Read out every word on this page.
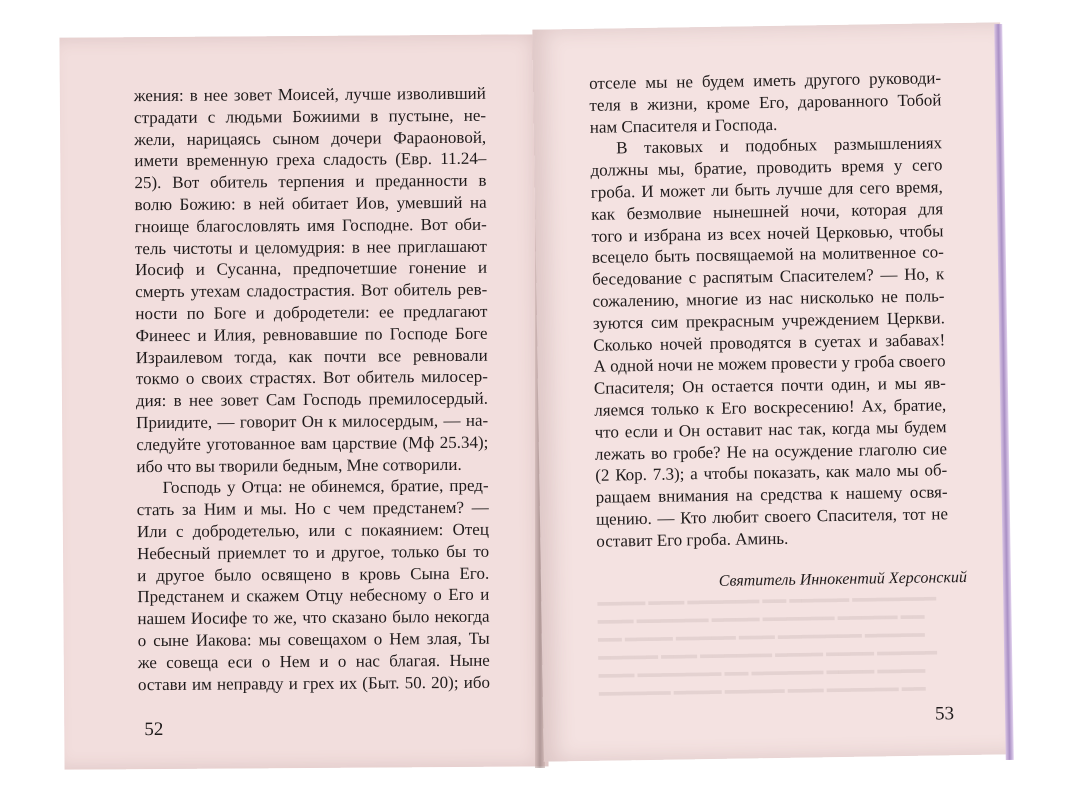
жения: в нее зовет Моисей, лучше изволивший
страдати с людьми Божиими в пустыне, не-
жели, нарицаясь сыном дочери Фараоновой,
имети временную греха сладость (Евр. 11.24–
25). Вот обитель терпения и преданности в
волю Божию: в ней обитает Иов, умевший на
гноище благословлять имя Господне. Вот оби-
тель чистоты и целомудрия: в нее приглашают
Иосиф и Сусанна, предпочетшие гонение и
смерть утехам сладострастия. Вот обитель рев-
ности по Боге и добродетели: ее предлагают
Финеес и Илия, ревновавшие по Господе Боге
Израилевом тогда, как почти все ревновали
токмо о своих страстях. Вот обитель милосер-
дия: в нее зовет Сам Господь премилосердый.
Приидите, — говорит Он к милосердым, — на-
следуйте уготованное вам царствие (Мф 25.34);
ибо что вы творили бедным, Мне сотворили.
Господь у Отца: не обинемся, братие, пред-
стать за Ним и мы. Но с чем предстанем? —
Или с добродетелью, или с покаянием: Отец
Небесный приемлет то и другое, только бы то
и другое было освящено в кровь Сына Его.
Предстанем и скажем Отцу небесному о Его и
нашем Иосифе то же, что сказано было некогда
о сыне Иакова: мы совещахом о Нем злая, Ты
же совеща еси о Нем и о нас благая. Ныне
остави им неправду и грех их (Быт. 50. 20); ибо
52
отселе мы не будем иметь другого руководи-
теля в жизни, кроме Его, дарованного Тобой
нам Спасителя и Господа.
В таковых и подобных размышлениях
должны мы, братие, проводить время у сего
гроба. И может ли быть лучше для сего время,
как безмолвие нынешней ночи, которая для
того и избрана из всех ночей Церковью, чтобы
всецело быть посвящаемой на молитвенное со-
беседование с распятым Спасителем? — Но, к
сожалению, многие из нас нисколько не поль-
зуются сим прекрасным учреждением Церкви.
Сколько ночей проводятся в суетах и забавах!
А одной ночи не можем провести у гроба своего
Спасителя; Он остается почти один, и мы яв-
ляемся только к Его воскресению! Ах, братие,
что если и Он оставит нас так, когда мы будем
лежать во гробе? Не на осуждение глаголю сие
(2 Кор. 7.3); а чтобы показать, как мало мы об-
ращаем внимания на средства к нашему освя-
щению. — Кто любит своего Спасителя, тот не
оставит Его гроба. Аминь.
Святитель Иннокентий Херсонский
▬▬▬▬ ▬▬▬ ▬▬▬▬▬▬ ▬▬ ▬▬▬▬▬ ▬▬▬▬▬▬▬
▬▬▬ ▬▬▬▬▬▬ ▬▬▬▬ ▬▬▬▬▬▬ ▬▬▬▬▬ ▬▬
▬▬ ▬▬▬▬ ▬▬▬▬▬ ▬▬▬ ▬▬▬▬▬▬▬ ▬▬▬▬▬
▬▬▬▬▬ ▬▬▬ ▬▬▬▬▬▬ ▬▬▬▬ ▬▬▬▬ ▬▬▬▬▬
▬▬▬ ▬▬▬▬▬▬▬ ▬▬ ▬▬▬▬▬▬ ▬▬▬▬ ▬▬▬▬
▬▬▬▬▬▬ ▬▬▬▬ ▬▬▬▬▬ ▬▬▬ ▬▬▬▬▬▬ ▬▬
53
